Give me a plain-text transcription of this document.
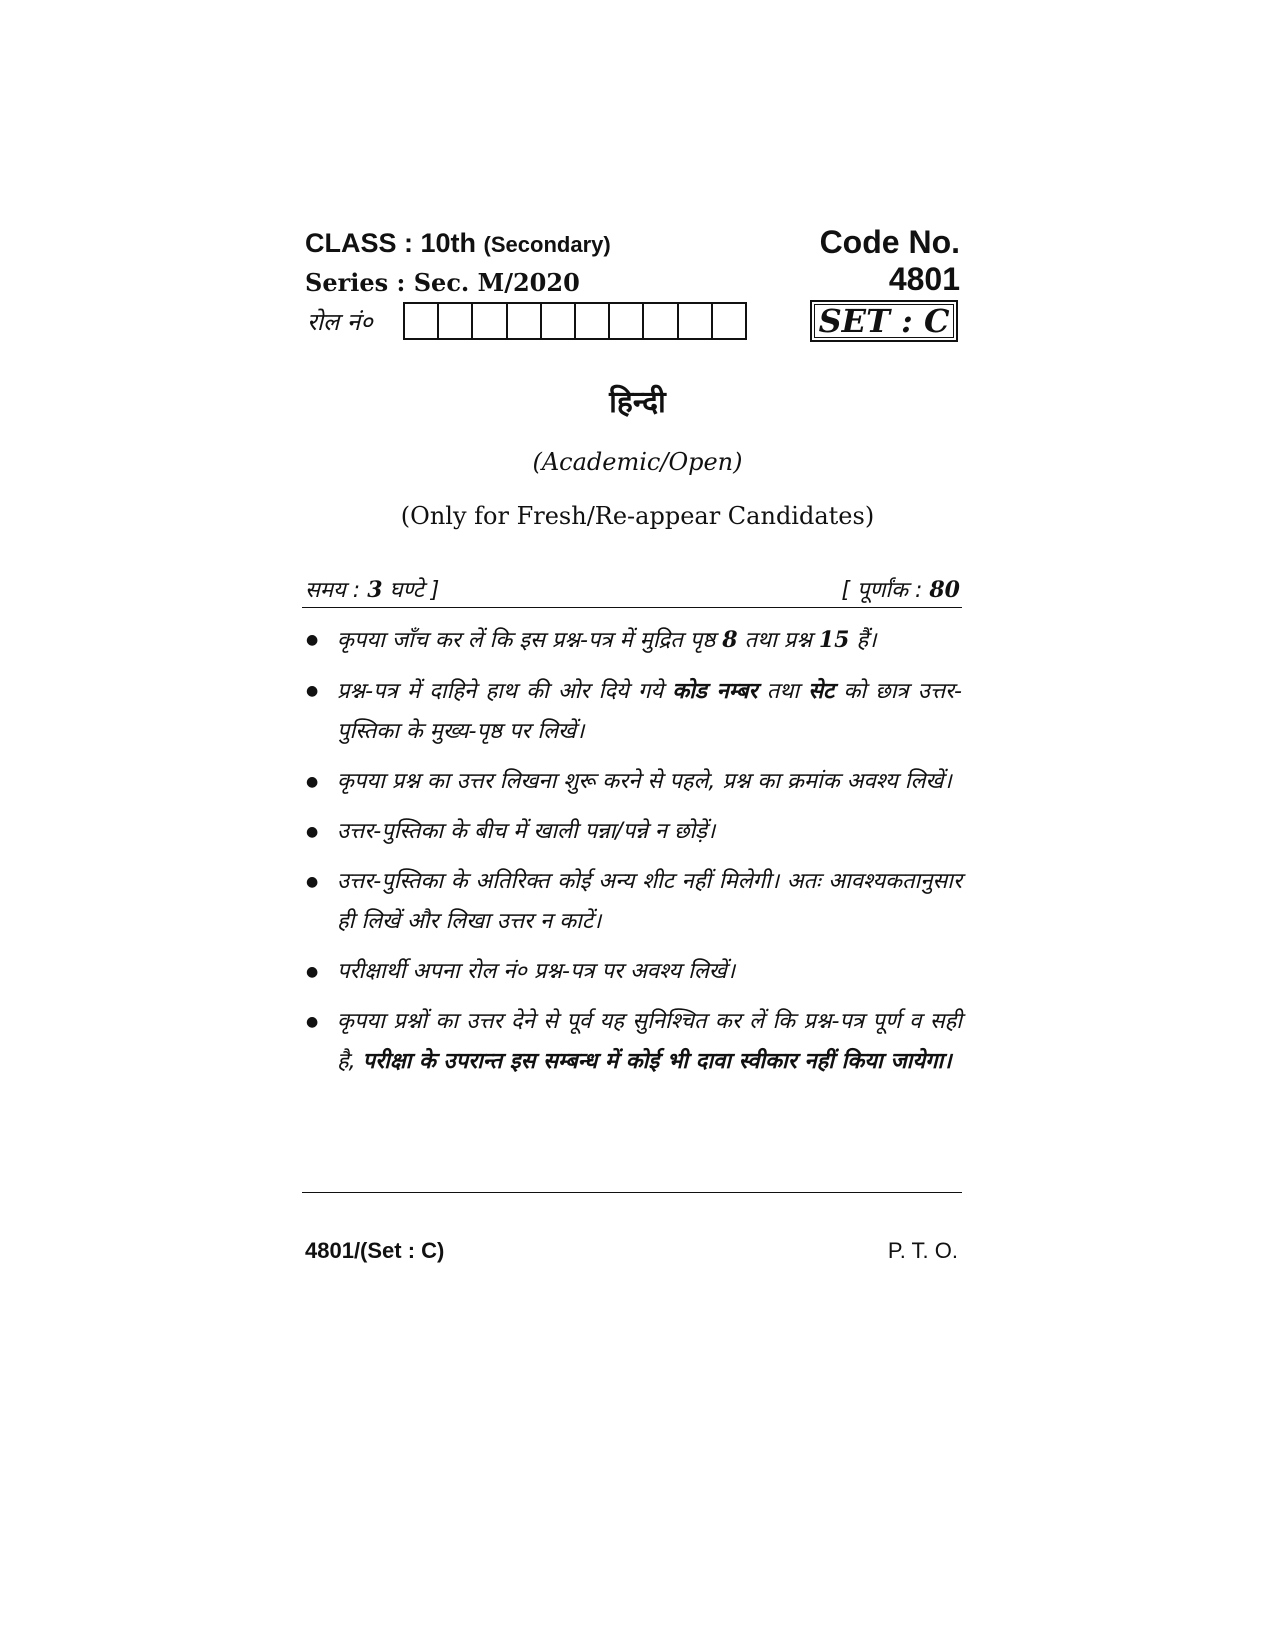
CLASS : 10th (Secondary)	Code No. 4801
Series : Sec. M/2020
रोल नं०	SET : C
हिन्दी
(Academic/Open)
(Only for Fresh/Re-appear Candidates)
समय : 3 घण्टे ]	[ पूर्णांक : 80
● कृपया जाँच कर लें कि इस प्रश्न-पत्र में मुद्रित पृष्ठ 8 तथा प्रश्न 15 हैं।
● प्रश्न-पत्र में दाहिने हाथ की ओर दिये गये कोड नम्बर तथा सेट को छात्र उत्तर-पुस्तिका के मुख्य-पृष्ठ पर लिखें।
● कृपया प्रश्न का उत्तर लिखना शुरू करने से पहले, प्रश्न का क्रमांक अवश्य लिखें।
● उत्तर-पुस्तिका के बीच में खाली पन्ना/पन्ने न छोड़ें।
● उत्तर-पुस्तिका के अतिरिक्त कोई अन्य शीट नहीं मिलेगी। अतः आवश्यकतानुसार ही लिखें और लिखा उत्तर न काटें।
● परीक्षार्थी अपना रोल नं० प्रश्न-पत्र पर अवश्य लिखें।
● कृपया प्रश्नों का उत्तर देने से पूर्व यह सुनिश्चित कर लें कि प्रश्न-पत्र पूर्ण व सही है, परीक्षा के उपरान्त इस सम्बन्ध में कोई भी दावा स्वीकार नहीं किया जायेगा।
4801/(Set : C)	P. T. O.
